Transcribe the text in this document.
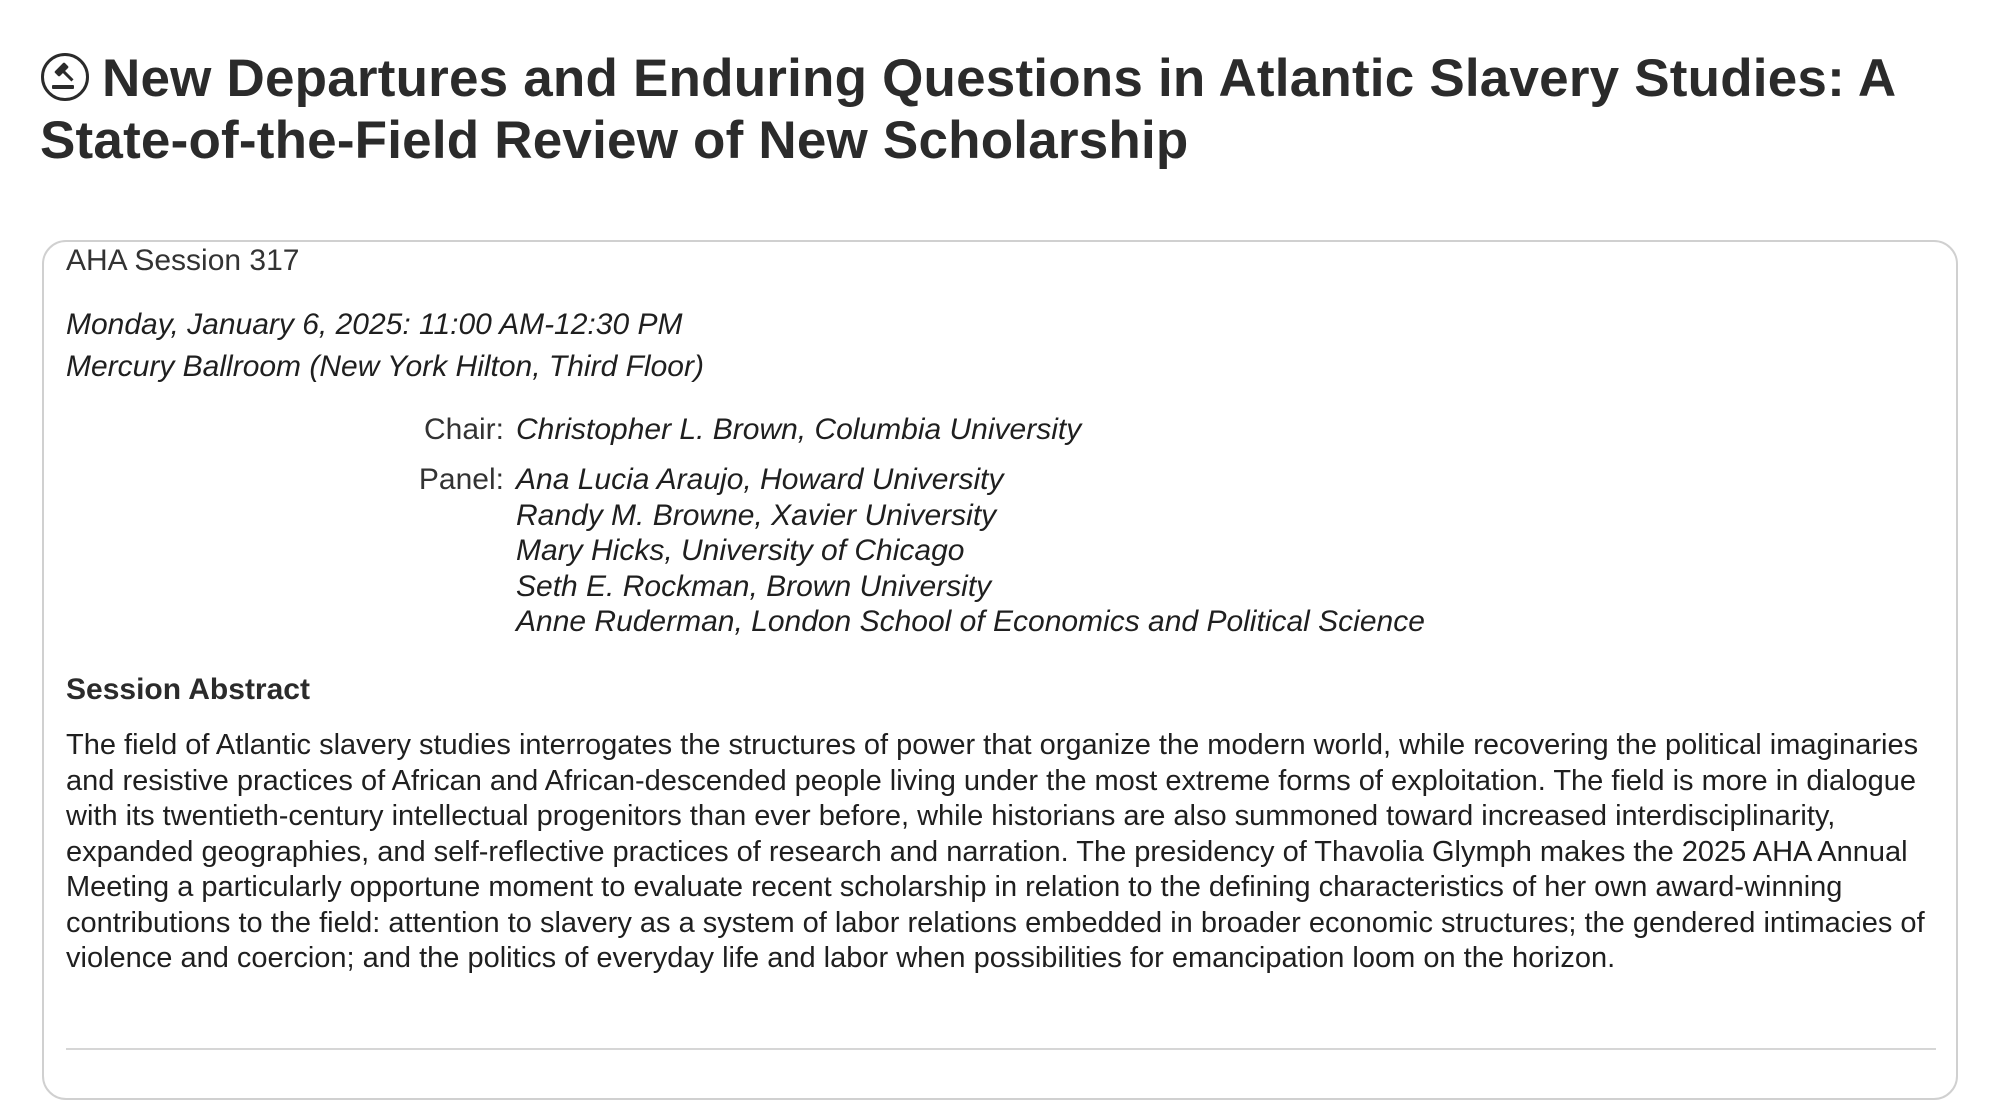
New Departures and Enduring Questions in Atlantic Slavery Studies: A State-of-the-Field Review of New Scholarship
AHA Session 317
Monday, January 6, 2025: 11:00 AM-12:30 PM
Mercury Ballroom (New York Hilton, Third Floor)
Chair: Christopher L. Brown, Columbia University
Panel: Ana Lucia Araujo, Howard University
Randy M. Browne, Xavier University
Mary Hicks, University of Chicago
Seth E. Rockman, Brown University
Anne Ruderman, London School of Economics and Political Science
Session Abstract

The field of Atlantic slavery studies interrogates the structures of power that organize the modern world, while recovering the political imaginaries and resistive practices of African and African-descended people living under the most extreme forms of exploitation. The field is more in dialogue with its twentieth-century intellectual progenitors than ever before, while historians are also summoned toward increased interdisciplinarity, expanded geographies, and self-reflective practices of research and narration. The presidency of Thavolia Glymph makes the 2025 AHA Annual Meeting a particularly opportune moment to evaluate recent scholarship in relation to the defining characteristics of her own award-winning contributions to the field: attention to slavery as a system of labor relations embedded in broader economic structures; the gendered intimacies of violence and coercion; and the politics of everyday life and labor when possibilities for emancipation loom on the horizon.
